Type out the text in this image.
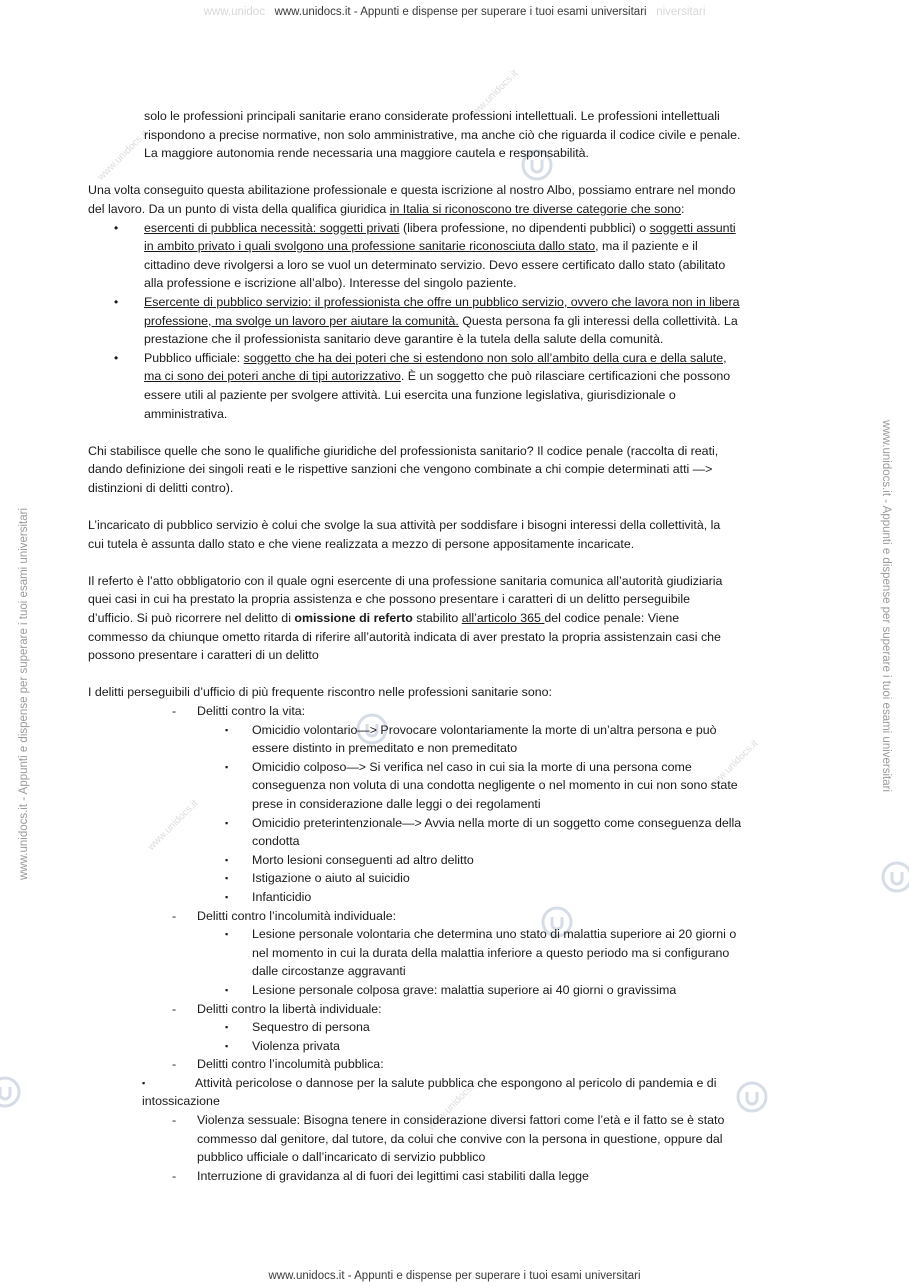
www.unidoc www.unidocs.it - Appunti e dispense per superare i tuoi esami universitari niversitari
www.unidocs.it - Appunti e dispense per superare i tuoi esami universitari
www.unidocs.it - Appunti e dispense per superare i tuoi esami universitari	www.unidocs.it - Appunti e dispense per superare i tuoi esami universitari
www.unidocs.it
www.unidocs.it
www.unidocs.it
www.unidocs.it
www.unidocs.it

solo le professioni principali sanitarie erano considerate professioni intellettuali. Le professioni intellettuali

rispondono a precise normative, non solo amministrative, ma anche ciò che riguarda il codice civile e penale.

La maggiore autonomia rende necessaria una maggiore cautela e responsabilità.

Una volta conseguito questa abilitazione professionale e questa iscrizione al nostro Albo, possiamo entrare nel mondo

del lavoro. Da un punto di vista della qualifica giuridica in Italia si riconoscono tre diverse categorie che sono:

• esercenti di pubblica necessità: soggetti privati (libera professione, no dipendenti pubblici) o soggetti assunti

in ambito privato i quali svolgono una professione sanitarie riconosciuta dallo stato, ma il paziente e il

cittadino deve rivolgersi a loro se vuol un determinato servizio. Devo essere certificato dallo stato (abilitato

alla professione e iscrizione all’albo). Interesse del singolo paziente.

• Esercente di pubblico servizio: il professionista che offre un pubblico servizio, ovvero che lavora non in libera

professione, ma svolge un lavoro per aiutare la comunità. Questa persona fa gli interessi della collettività. La

prestazione che il professionista sanitario deve garantire è la tutela della salute della comunità.

• Pubblico ufficiale: soggetto che ha dei poteri che si estendono non solo all’ambito della cura e della salute,

ma ci sono dei poteri anche di tipi autorizzativo. È un soggetto che può rilasciare certificazioni che possono

essere utili al paziente per svolgere attività. Lui esercita una funzione legislativa, giurisdizionale o

amministrativa.

Chi stabilisce quelle che sono le qualifiche giuridiche del professionista sanitario? Il codice penale (raccolta di reati,

dando definizione dei singoli reati e le rispettive sanzioni che vengono combinate a chi compie determinati atti —>

distinzioni di delitti contro).

L’incaricato di pubblico servizio è colui che svolge la sua attività per soddisfare i bisogni interessi della collettività, la

cui tutela è assunta dallo stato e che viene realizzata a mezzo di persone appositamente incaricate.

Il referto è l’atto obbligatorio con il quale ogni esercente di una professione sanitaria comunica all’autorità giudiziaria

quei casi in cui ha prestato la propria assistenza e che possono presentare i caratteri di un delitto perseguibile

d’ufficio. Si può ricorrere nel delitto di omissione di referto stabilito all’articolo 365 del codice penale: Viene

commesso da chiunque ometto ritarda di riferire all’autorità indicata di aver prestato la propria assistenzain casi che

possono presentare i caratteri di un delitto

I delitti perseguibili d’ufficio di più frequente riscontro nelle professioni sanitarie sono:

- Delitti contro la vita:

▪ Omicidio volontario—> Provocare volontariamente la morte di un’altra persona e può

essere distinto in premeditato e non premeditato

▪ Omicidio colposo—> Si verifica nel caso in cui sia la morte di una persona come

conseguenza non voluta di una condotta negligente o nel momento in cui non sono state

prese in considerazione dalle leggi o dei regolamenti

▪ Omicidio preterintenzionale—> Avvia nella morte di un soggetto come conseguenza della

condotta

▪ Morto lesioni conseguenti ad altro delitto

▪ Istigazione o aiuto al suicidio

▪ Infanticidio

- Delitti contro l’incolumità individuale:

▪ Lesione personale volontaria che determina uno stato di malattia superiore ai 20 giorni o

nel momento in cui la durata della malattia inferiore a questo periodo ma si configurano

dalle circostanze aggravanti

▪ Lesione personale colposa grave: malattia superiore ai 40 giorni o gravissima

- Delitti contro la libertà individuale:

▪ Sequestro di persona

▪ Violenza privata

- Delitti contro l’incolumità pubblica:

▪	Attività pericolose o dannose per la salute pubblica che espongono al pericolo di pandemia e di

intossicazione

- Violenza sessuale: Bisogna tenere in considerazione diversi fattori come l’età e il fatto se è stato

commesso dal genitore, dal tutore, da colui che convive con la persona in questione, oppure dal

pubblico ufficiale o dall’incaricato di servizio pubblico

- Interruzione di gravidanza al di fuori dei legittimi casi stabiliti dalla legge
